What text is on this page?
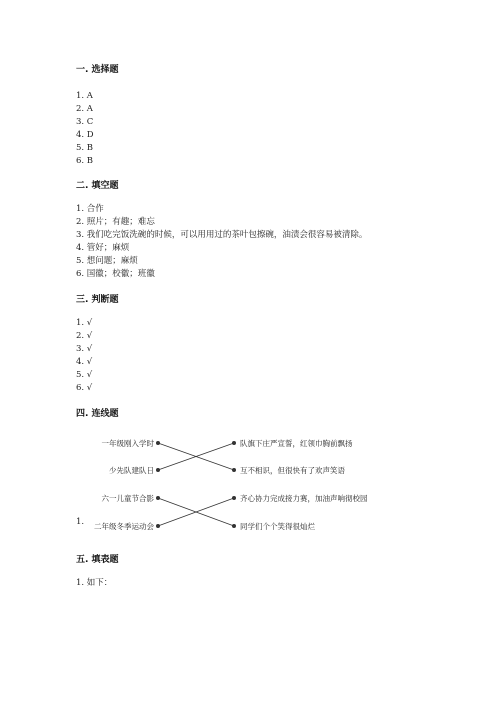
一. 选择题
1. A
2. A
3. C
4. D
5. B
6. B
二. 填空题
1. 合作
2. 照片；有趣；难忘
3. 我们吃完饭洗碗的时候，可以用用过的茶叶包擦碗，油渍会很容易被清除。
4. 管好；麻烦
5. 想问题；麻烦
6. 国徽；校徽；班徽
三. 判断题
1. √
2. √
3. √
4. √
5. √
6. √
四. 连线题
1.
一年级刚入学时
少先队建队日
队旗下庄严宣誓，红领巾胸前飘扬
互不相识，但很快有了欢声笑语
六一儿童节合影
二年级冬季运动会
齐心协力完成接力赛，加油声响彻校园
同学们个个笑得很灿烂
五. 填表题
1. 如下：
